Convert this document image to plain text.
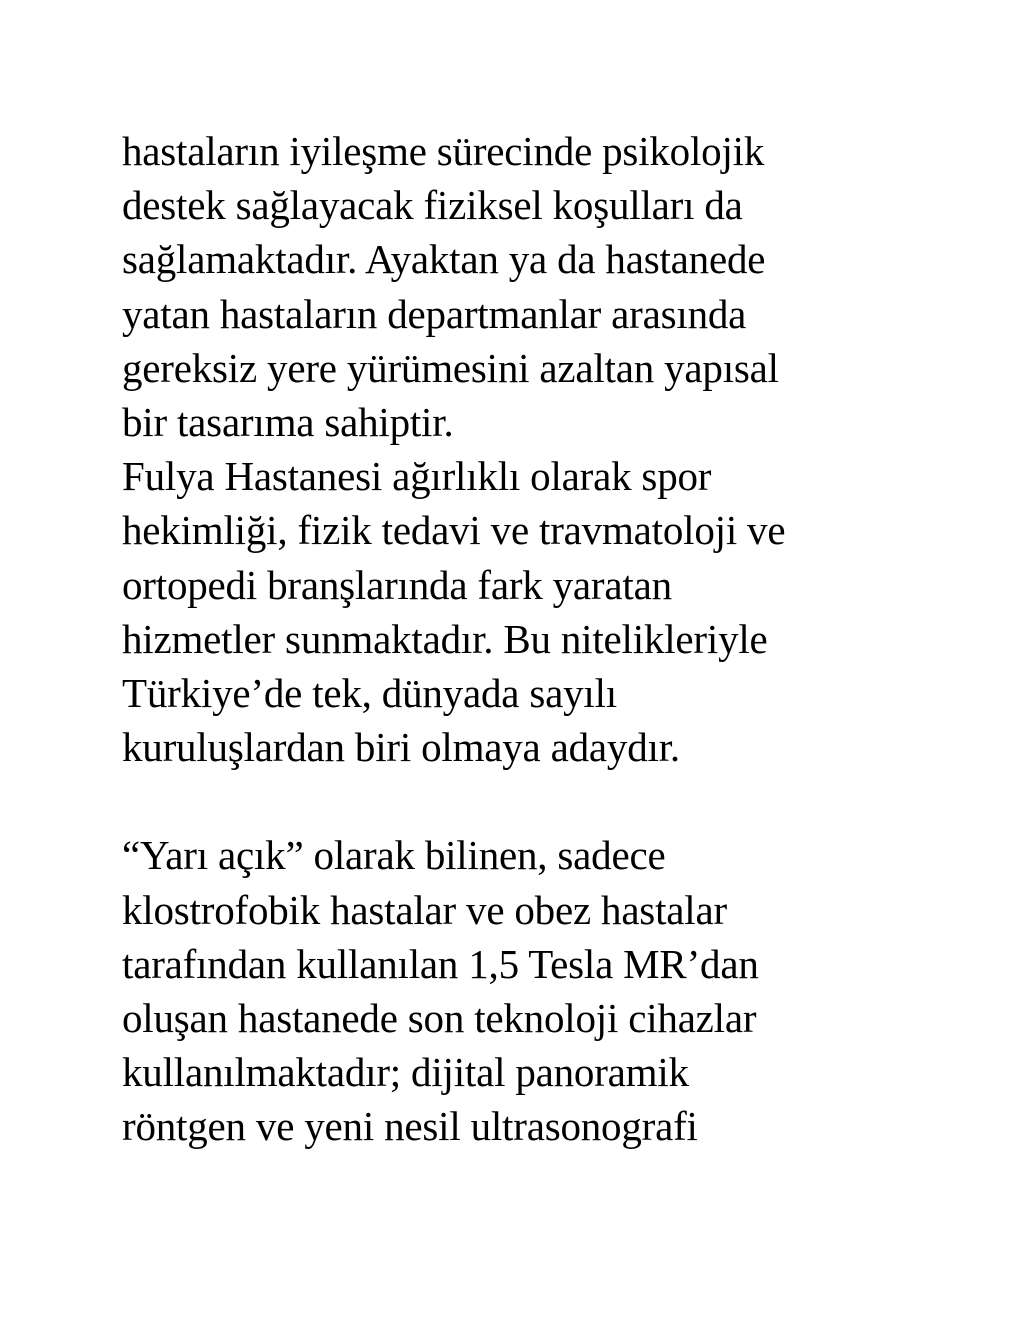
hastaların iyileşme sürecinde psikolojik
destek sağlayacak fiziksel koşulları da
sağlamaktadır. Ayaktan ya da hastanede
yatan hastaların departmanlar arasında
gereksiz yere yürümesini azaltan yapısal
bir tasarıma sahiptir.
Fulya Hastanesi ağırlıklı olarak spor
hekimliği, fizik tedavi ve travmatoloji ve
ortopedi branşlarında fark yaratan
hizmetler sunmaktadır. Bu nitelikleriyle
Türkiye’de tek, dünyada sayılı
kuruluşlardan biri olmaya adaydır.
“Yarı açık” olarak bilinen, sadece
klostrofobik hastalar ve obez hastalar
tarafından kullanılan 1,5 Tesla MR’dan
oluşan hastanede son teknoloji cihazlar
kullanılmaktadır; dijital panoramik
röntgen ve yeni nesil ultrasonografi
